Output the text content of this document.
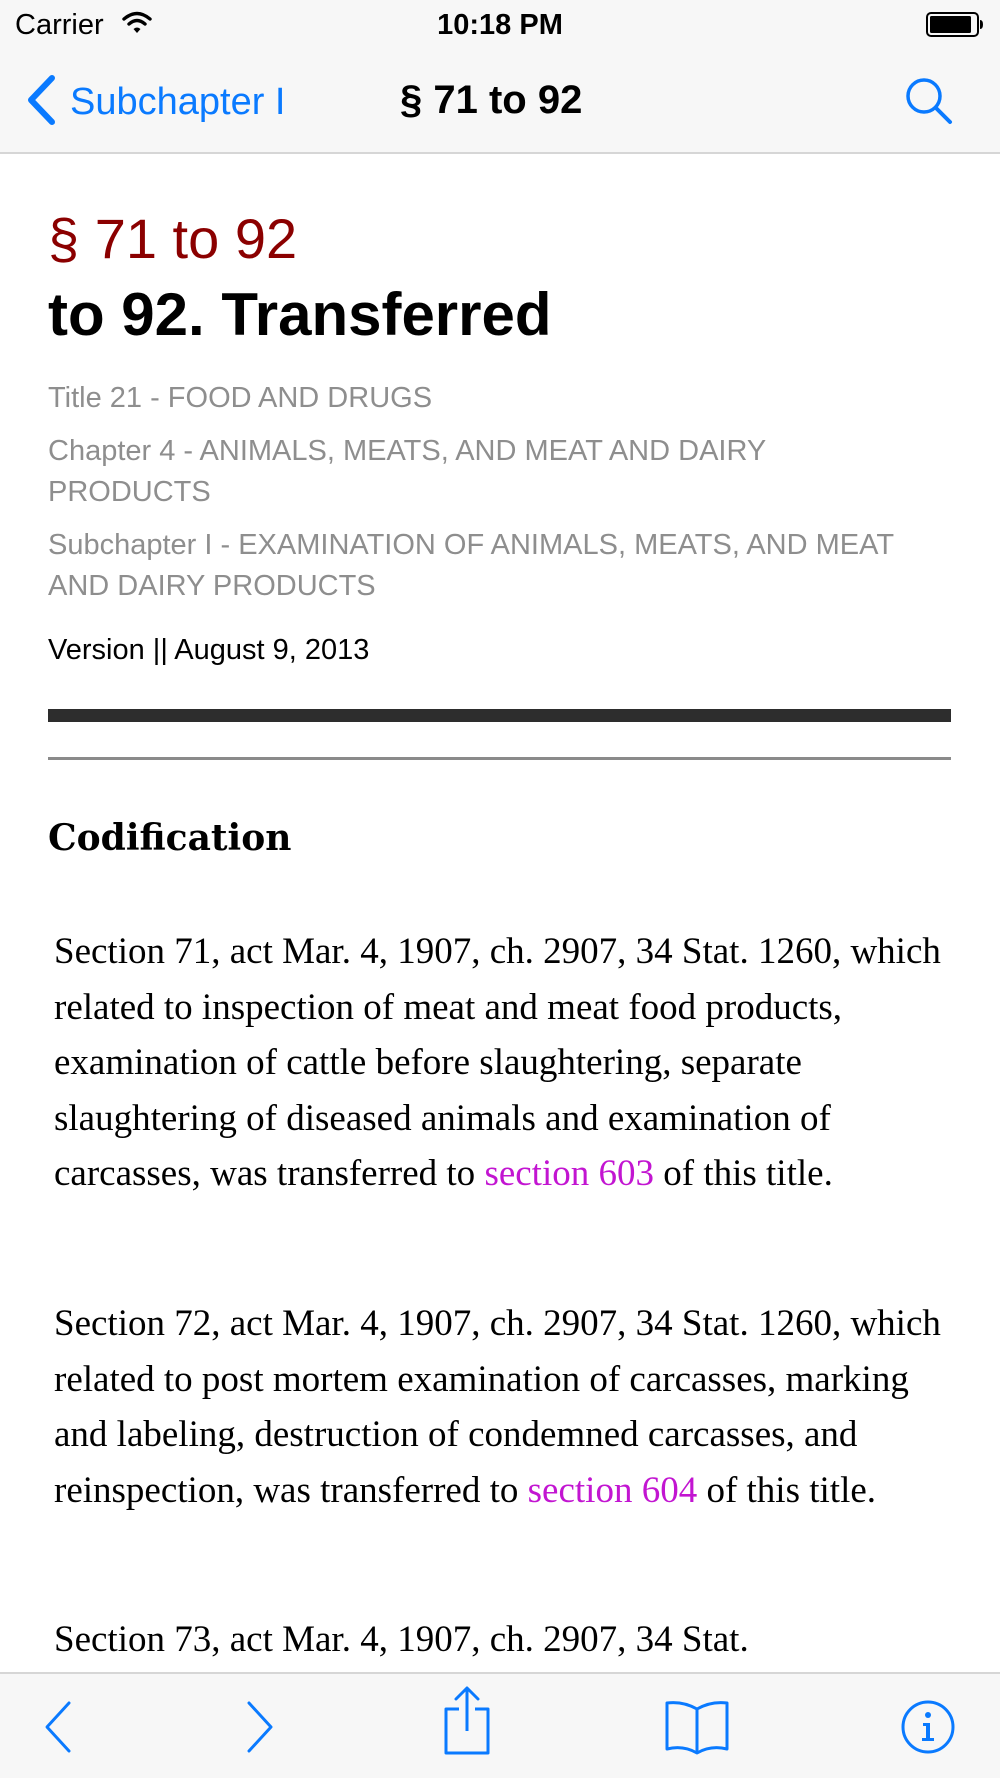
Carrier	10:18 PM
Subchapter I	§ 71 to 92
§ 71 to 92
to 92. Transferred
Title 21 - FOOD AND DRUGS
Chapter 4 - ANIMALS, MEATS, AND MEAT AND DAIRY PRODUCTS
Subchapter I - EXAMINATION OF ANIMALS, MEATS, AND MEAT AND DAIRY PRODUCTS
Version || August 9, 2013
Codification

Section 71, act Mar. 4, 1907, ch. 2907, 34 Stat. 1260, which related to inspection of meat and meat food products, examination of cattle before slaughtering, separate slaughtering of diseased animals and examination of carcasses, was transferred to section 603 of this title.

Section 72, act Mar. 4, 1907, ch. 2907, 34 Stat. 1260, which related to post mortem examination of carcasses, marking and labeling, destruction of condemned carcasses, and reinspection, was transferred to section 604 of this title.

Section 73, act Mar. 4, 1907, ch. 2907, 34 Stat.
